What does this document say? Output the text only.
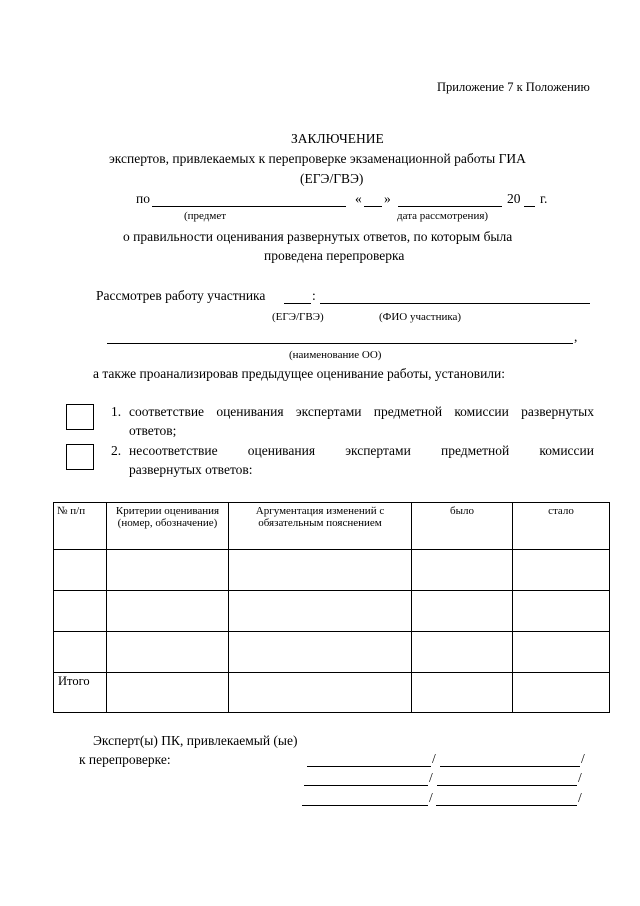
Приложение 7 к Положению
ЗАКЛЮЧЕНИЕ
экспертов, привлекаемых к перепроверке экзаменационной работы ГИА
(ЕГЭ/ГВЭ)
по	« »	20 г.
(предмет	дата рассмотрения)
о правильности оценивания развернутых ответов, по которым была
проведена перепроверка
Рассмотрев работу участника	:
(ЕГЭ/ГВЭ)	(ФИО участника)
,
(наименование ОО)
а также проанализировав предыдущее оценивание работы, установили:
1. соответствие оценивания экспертами предметной комиссии развернутых
ответов;
2. несоответствие оценивания экспертами предметной комиссии
развернутых ответов:
№ п/п	Критерии оценивания (номер, обозначение)	Аргументация изменений с обязательным пояснением	было	стало

Итого				
Эксперт(ы) ПК, привлекаемый (ые)
к перепроверке:	/	/
/	/
/	/
